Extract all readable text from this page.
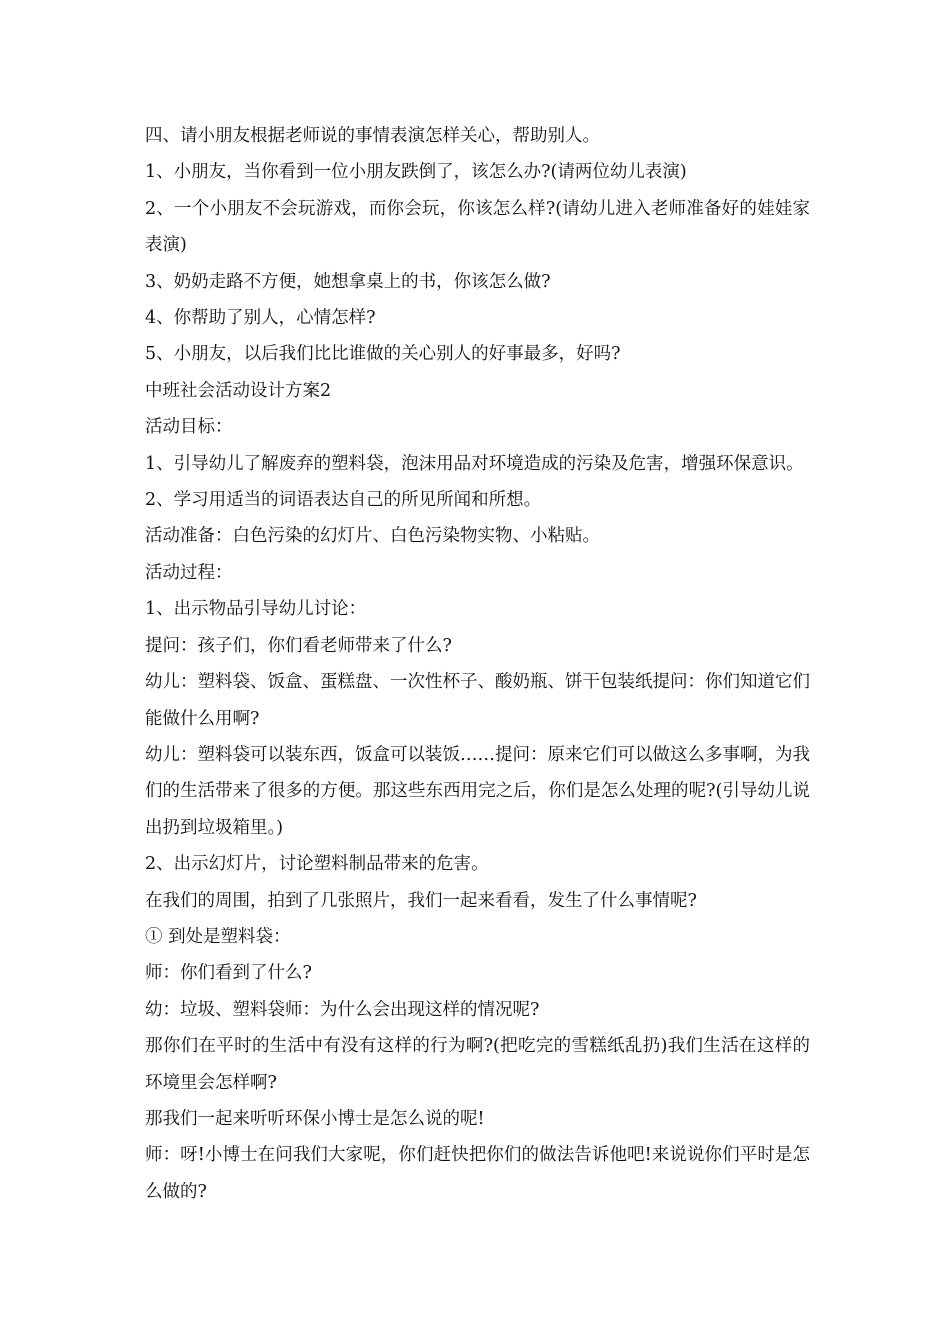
四、请小朋友根据老师说的事情表演怎样关心，帮助别人。

1、小朋友，当你看到一位小朋友跌倒了，该怎么办?(请两位幼儿表演)

2、一个小朋友不会玩游戏，而你会玩，你该怎么样?(请幼儿进入老师准备好的娃娃家表演)

3、奶奶走路不方便，她想拿桌上的书，你该怎么做?

4、你帮助了别人，心情怎样?

5、小朋友，以后我们比比谁做的关心别人的好事最多，好吗?

中班社会活动设计方案2

活动目标：

1、引导幼儿了解废弃的塑料袋，泡沫用品对环境造成的污染及危害，增强环保意识。

2、学习用适当的词语表达自己的所见所闻和所想。

活动准备：白色污染的幻灯片、白色污染物实物、小粘贴。

活动过程：

1、出示物品引导幼儿讨论：

提问：孩子们，你们看老师带来了什么?

幼儿：塑料袋、饭盒、蛋糕盘、一次性杯子、酸奶瓶、饼干包装纸提问：你们知道它们能做什么用啊?

幼儿：塑料袋可以装东西，饭盒可以装饭……提问：原来它们可以做这么多事啊，为我们的生活带来了很多的方便。那这些东西用完之后，你们是怎么处理的呢?(引导幼儿说出扔到垃圾箱里。)

2、出示幻灯片，讨论塑料制品带来的危害。

在我们的周围，拍到了几张照片，我们一起来看看，发生了什么事情呢?

① 到处是塑料袋：

师：你们看到了什么?

幼：垃圾、塑料袋师：为什么会出现这样的情况呢?

那你们在平时的生活中有没有这样的行为啊?(把吃完的雪糕纸乱扔)我们生活在这样的环境里会怎样啊?

那我们一起来听听环保小博士是怎么说的呢!

师：呀!小博士在问我们大家呢，你们赶快把你们的做法告诉他吧!来说说你们平时是怎么做的?
